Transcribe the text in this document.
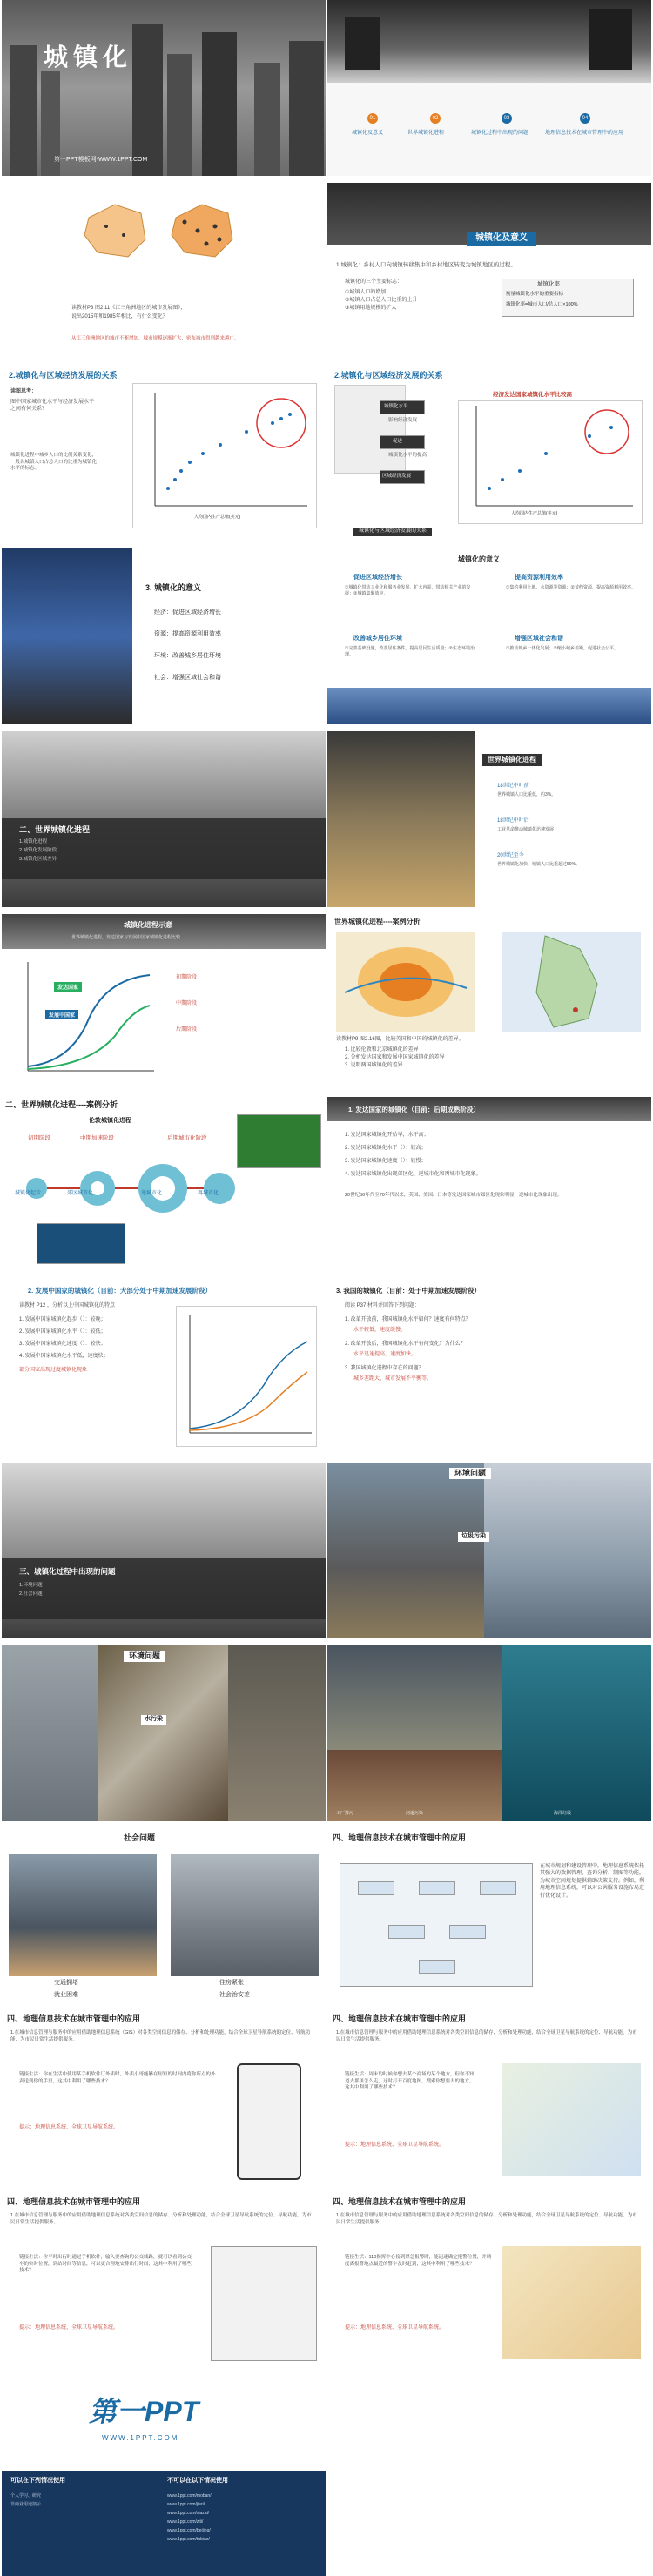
城镇化
第一PPT模板网-WWW.1PPT.COM
01	02	03	04
城镇化及意义	世界城镇化进程	城镇化过程中出现的问题	地理信息技术在城市管理中的应用
读教材P3 图2.11《江三角洲地区的城市发展图》，
说出2015年和1985年相比，有什么变化？
从江三角洲地区的城市不断增加，城市规模逐渐扩大，密布城市得到越来越广。
城镇化及意义
1.城镇化：乡村人口向城镇转移集中和乡村地区转变为城镇地区的过程。
城镇化的三个主要标志：
①城镇人口的增加
②城镇人口占总人口比重的上升
③城镇用地规模的扩大
城镇化率
衡量城镇化水平的重要指标
城镇化率=城市人口/总人口×100%
2.城镇化与区域经济发展的关系
读图思考：
图中国家城市化水平与经济发展水平之间有何关系？
城镇化进程中城乡人口的比例关系变化，一般以城镇人口占总人口的比重为城镇化水平的标志。
人均国内生产总值(美元)
2.城镇化与区域经济发展的关系
城镇化水平
促进
区域经济发展
影响经济发展
城镇化水平的提高
经济发达国家城镇化水平比较高
人均国内生产总值(美元)
城镇化与区域经济发展的关系
3. 城镇化的意义
经济：促进区域经济增长
资源：提高资源利用效率
环境：改善城乡居住环境
社会：增强区域社会和谐
城镇化的意义
促进区域经济增长
①城镇化带动工业化和服务业发展，扩大内需，带动相关产业的发展；②城镇集聚效应，
提高资源利用效率
①集约利用土地、水资源等资源；②节约资源，提高资源利用效率。
改善城乡居住环境
①完善基础设施，改善居住条件，提高居民生活质量；②生态环境治理。
增强区域社会和谐
①推动城乡一体化发展；②缩小城乡差距，促进社会公平。
二、世界城镇化进程
1.城镇化进程
2.城镇化发展阶段
3.城镇化区域差异
世界城镇化进程
18世纪中叶前
世界城镇人口比重低，约3%。
18世纪中叶后
工业革命推动城镇化迅速发展
20世纪至今
世界城镇化加快，城镇人口比重超过50%。
城镇化进程示意
世界城镇化进程，发达国家与发展中国家城镇化进程比较
发达国家
发展中国家
初期阶段
中期阶段
后期阶段
世界城镇化进程----案例分析
读教材P9 图2.16图，比较英国和中国的城镇化的差异。
1. 比较伦敦和北京城镇化的差异
2. 分析发达国家和发展中国家城镇化的差异
3. 说明两国城镇化的差异
二、世界城镇化进程----案例分析
伦敦城镇化进程
初期阶段	中期加速阶段	后期城市化阶段
城镇化起步	郊区城市化	逆城市化	再城市化
1. 发达国家的城镇化（目前：后期成熟阶段）
1. 发达国家城镇化开始早，水平高；
2. 发达国家城镇化水平（）：较高；
3. 发达国家城镇化速度（）：较慢；
4. 发达国家城镇化出现郊区化、逆城市化和再城市化现象。
20世纪50年代至70年代以来，英国、美国、日本等发达国家城市郊区化现象明显，逆城市化现象出现。
2. 发展中国家的城镇化（目前：大部分处于中期加速发展阶段）
读教材 P12 ，分析以上中国城镇化的特点
1. 发展中国家城镇化起步（）：较晚；
2. 发展中国家城镇化水平（）：较低；
3. 发展中国家城镇化速度（）：较快；
4. 发展中国家城镇化水平低，速度快；
部分国家出现过度城镇化现象
3. 我国的城镇化（目前：处于中期加速发展阶段）
阅读 P37 材料并回答下列问题：
1. 改革开放前，我国城镇化水平如何？速度有何特点？
水平较低，速度缓慢。
2. 改革开放后，我国城镇化水平有何变化？为什么？
水平迅速提高，速度加快。
3. 我国城镇化进程中存在的问题？
城乡差距大、城市发展不平衡等。
三、城镇化过程中出现的问题
1.环境问题
2.社会问题
环境问题
垃圾污染
环境问题
水污染
工厂排污	河道污染	海洋垃圾
社会问题
交通拥堵	住房紧张
就业困难	社会治安差
四、地理信息技术在城市管理中的应用
在城市规划和建设管理中，地理信息系统依托其强大的数据管理、查询分析、制图等功能，为城市空间规划提供辅助决策支持。例如，利用地理信息系统，可以对公共服务设施布局进行优化设计。
四、地理信息技术在城市管理中的应用
1.在城市信息管理与服务中的应用借助地理信息系统（GIS）对各类空间信息的储存、分析和处理功能，结合全球卫星导航系统的定位、导航功能，为市民日常生活提供服务。
链接生活：你在生活中使用某手机软件订外卖时，外卖小哥能够在短短的时间内将你所点的外卖送到你的手里，这其中利用了哪些技术？
提示：地理信息系统、全球卫星导航系统。
四、地理信息技术在城市管理中的应用
1.在城市信息管理与服务中的应用借助地理信息系统对各类空间信息的储存、分析和处理功能，结合全球卫星导航系统的定位、导航功能，为市民日常生活提供服务。
链接生活：周末的时候你想去某个商场的某个地方，但你不知道去那里怎么走，这时打开百度地图，搜索你想要去的地方，这其中利用了哪些技术？
提示：地理信息系统、全球卫星导航系统。
四、地理信息技术在城市管理中的应用
1.在城市信息管理与服务中的应用借助地理信息系统对各类空间信息的储存、分析和处理功能，结合全球卫星导航系统的定位、导航功能，为市民日常生活提供服务。
链接生活：你平时出行时通过手机软件，输入要查询的公交线路，就可以看到公交车的实时位置，到站时间等信息，可以更合理地安排出行时间，这其中利用了哪些技术？
提示：地理信息系统、全球卫星导航系统。
四、地理信息技术在城市管理中的应用
1.在城市信息管理与服务中的应用借助地理信息系统对各类空间信息的储存、分析和处理功能，结合全球卫星导航系统的定位、导航功能，为市民日常生活提供服务。
链接生活：110指挥中心接到紧急报警时，能迅速确定报警位置，并调度离报警地点最近的警车及时赶到，这其中利用了哪些技术？
提示：地理信息系统、全球卫星导航系统。
第一PPT
WWW.1PPT.COM
可以在下列情况使用	不可以在以下情况使用
个人学习、研究
非商业用途演示
www.1ppt.com/moban/
www.1ppt.com/jieri/
www.1ppt.com/xiazai/
www.1ppt.com/ziti/
www.1ppt.com/beijing/
www.1ppt.com/tubiao/
